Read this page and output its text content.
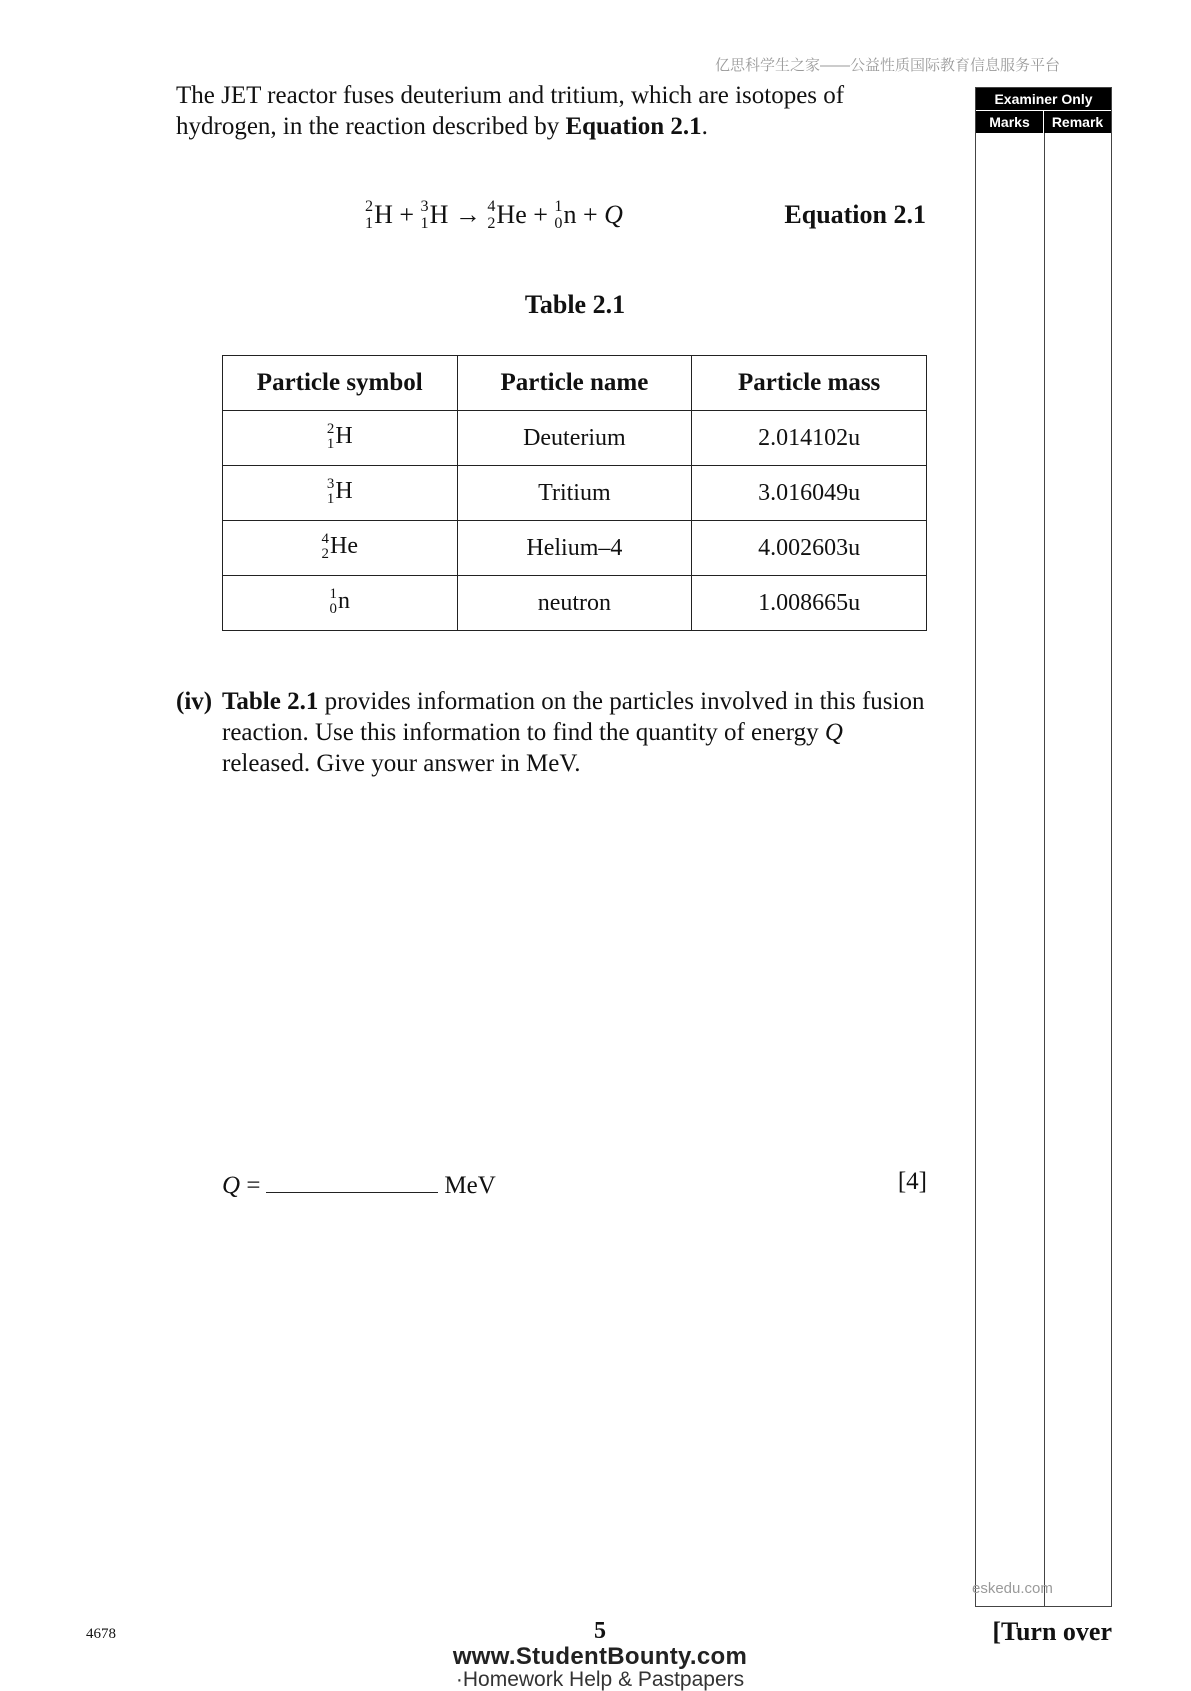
亿思科学生之家——公益性质国际教育信息服务平台
The JET reactor fuses deuterium and tritium, which are isotopes of hydrogen, in the reaction described by Equation 2.1.
2
1 H + 3
1 H → 4
2 He + 1
0 n + Q	Equation 2.1
Table 2.1
Particle symbol	Particle name	Particle mass

2
1 H	Deuterium	2.014102u

3
1 H	Tritium	3.016049u

4
2 He	Helium–4	4.002603u

1
0 n	neutron	1.008665u
(iv) Table 2.1 provides information on the particles involved in this fusion reaction. Use this information to find the quantity of energy Q released. Give your answer in MeV.
Q =	MeV	[4]
Examiner Only
Marks	Remark
eskedu.com
4678	5	[Turn over
www.StudentBounty.com
·Homework Help & Pastpapers
